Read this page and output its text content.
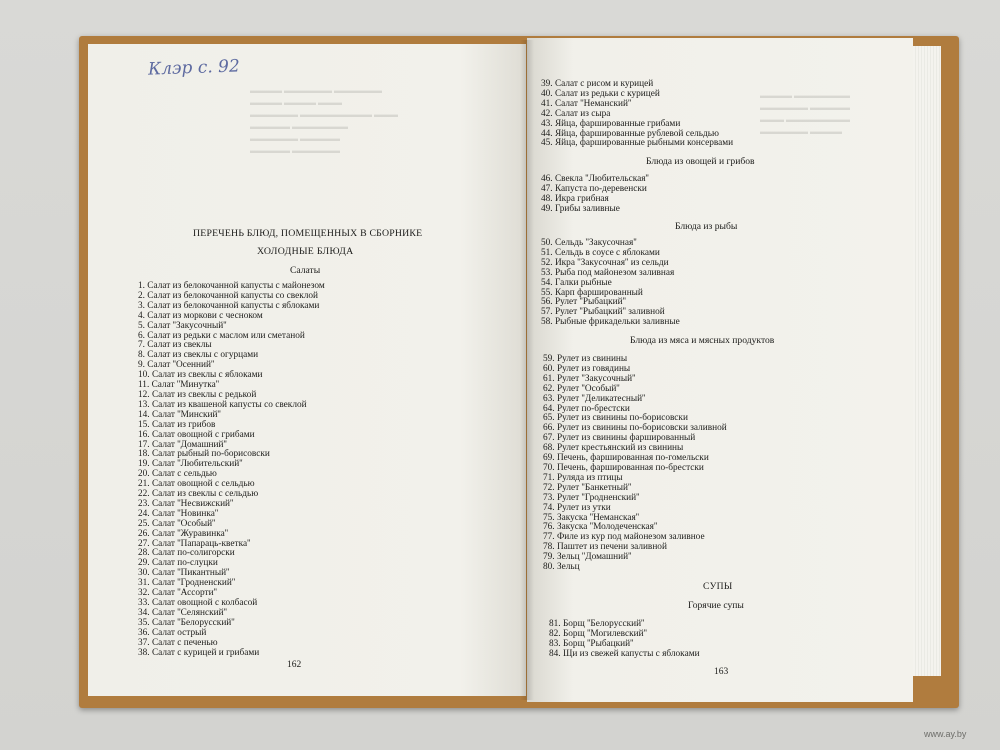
▬▬▬▬ ▬▬▬▬▬▬ ▬▬▬▬▬▬
▬▬▬▬ ▬▬▬▬ ▬▬▬
▬▬▬▬▬▬ ▬▬▬▬▬▬▬▬▬ ▬▬▬
▬▬▬▬▬ ▬▬▬▬▬▬▬
▬▬▬▬▬▬ ▬▬▬▬▬
▬▬▬▬▬ ▬▬▬▬▬▬
▬▬▬▬ ▬▬▬▬▬▬▬
▬▬▬▬▬▬ ▬▬▬▬▬
▬▬▬ ▬▬▬▬▬▬▬▬
▬▬▬▬▬▬ ▬▬▬▬
Клэр с. 92
ПЕРЕЧЕНЬ БЛЮД, ПОМЕЩЕННЫХ В СБОРНИКЕ
ХОЛОДНЫЕ БЛЮДА
Салаты
1. Салат из белокочанной капусты с майонезом
2. Салат из белокочанной капусты со свеклой
3. Салат из белокочанной капусты с яблоками
4. Салат из моркови с чесноком
5. Салат ''Закусочный''
6. Салат из редьки с маслом или сметаной
7. Салат из свеклы
8. Салат из свеклы с огурцами
9. Салат ''Осенний''
10. Салат из свеклы с яблоками
11. Салат ''Минутка''
12. Салат из свеклы с редькой
13. Салат из квашеной капусты со свеклой
14. Салат ''Минский''
15. Салат из грибов
16. Салат овощной с грибами
17. Салат ''Домашний''
18. Салат рыбный по-борисовски
19. Салат ''Любительский''
20. Салат с сельдью
21. Салат овощной с сельдью
22. Салат из свеклы с сельдью
23. Салат ''Несвижский''
24. Салат ''Новинка''
25. Салат ''Особый''
26. Салат ''Журавинка''
27. Салат ''Папараць-кветка''
28. Салат по-солигорски
29. Салат по-слуцки
30. Салат ''Пикантный''
31. Салат ''Гродненский''
32. Салат ''Ассорти''
33. Салат овощной с колбасой
34. Салат ''Селянский''
35. Салат ''Белорусский''
36. Салат острый
37. Салат с печенью
38. Салат с курицей и грибами
162
39. Салат с рисом и курицей
40. Салат из редьки с курицей
41. Салат ''Неманский''
42. Салат из сыра
43. Яйца, фаршированные грибами
44. Яйца, фаршированные рублевой сельдью
45. Яйца, фаршированные рыбными консервами
Блюда из овощей и грибов
46. Свекла ''Любительская''
47. Капуста по-деревенски
48. Икра грибная
49. Грибы заливные
Блюда из рыбы
50. Сельдь ''Закусочная''
51. Сельдь в соусе с яблоками
52. Икра ''Закусочная'' из сельди
53. Рыба под майонезом заливная
54. Галки рыбные
55. Карп фаршированный
56. Рулет ''Рыбацкий''
57. Рулет ''Рыбацкий'' заливной
58. Рыбные фрикадельки заливные
Блюда из мяса и мясных продуктов
59. Рулет из свинины
60. Рулет из говядины
61. Рулет ''Закусочный''
62. Рулет ''Особый''
63. Рулет ''Деликатесный''
64. Рулет по-брестски
65. Рулет из свинины по-борисовски
66. Рулет из свинины по-борисовски заливной
67. Рулет из свинины фаршированный
68. Рулет крестьянский из свинины
69. Печень, фаршированная по-гомельски
70. Печень, фаршированная по-брестски
71. Руляда из птицы
72. Рулет ''Банкетный''
73. Рулет ''Гродненский''
74. Рулет из утки
75. Закуска ''Неманская''
76. Закуска ''Молодеченская''
77. Филе из кур под майонезом заливное
78. Паштет из печени заливной
79. Зельц ''Домашний''
80. Зельц
СУПЫ
Горячие супы
81. Борщ ''Белорусский''
82. Борщ ''Могилевский''
83. Борщ ''Рыбацкий''
84. Щи из свежей капусты с яблоками
163
www.ay.by
